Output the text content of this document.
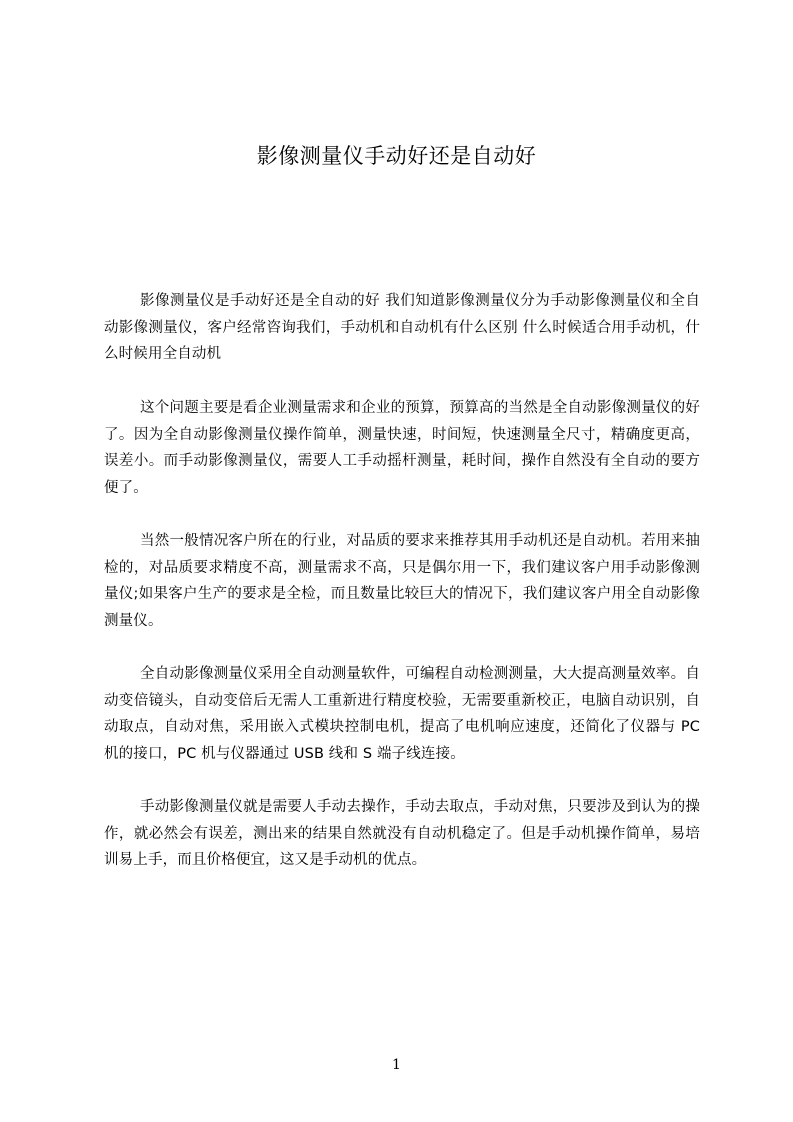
影像测量仪手动好还是自动好

影像测量仪是手动好还是全自动的好 我们知道影像测量仪分为手动影像测量仪和全自动影像测量仪，客户经常咨询我们，手动机和自动机有什么区别 什么时候适合用手动机，什么时候用全自动机

这个问题主要是看企业测量需求和企业的预算，预算高的当然是全自动影像测量仪的好了。因为全自动影像测量仪操作简单，测量快速，时间短，快速测量全尺寸，精确度更高，误差小。而手动影像测量仪，需要人工手动摇杆测量，耗时间，操作自然没有全自动的要方便了。

当然一般情况客户所在的行业，对品质的要求来推荐其用手动机还是自动机。若用来抽检的，对品质要求精度不高，测量需求不高，只是偶尔用一下，我们建议客户用手动影像测量仪;如果客户生产的要求是全检，而且数量比较巨大的情况下，我们建议客户用全自动影像测量仪。

全自动影像测量仪采用全自动测量软件，可编程自动检测测量，大大提高测量效率。自动变倍镜头，自动变倍后无需人工重新进行精度校验，无需要重新校正，电脑自动识别，自动取点，自动对焦，采用嵌入式模块控制电机，提高了电机响应速度，还简化了仪器与 PC 机的接口，PC 机与仪器通过 USB 线和 S 端子线连接。

手动影像测量仪就是需要人手动去操作，手动去取点，手动对焦，只要涉及到认为的操作，就必然会有误差，测出来的结果自然就没有自动机稳定了。但是手动机操作简单，易培训易上手，而且价格便宜，这又是手动机的优点。

1
